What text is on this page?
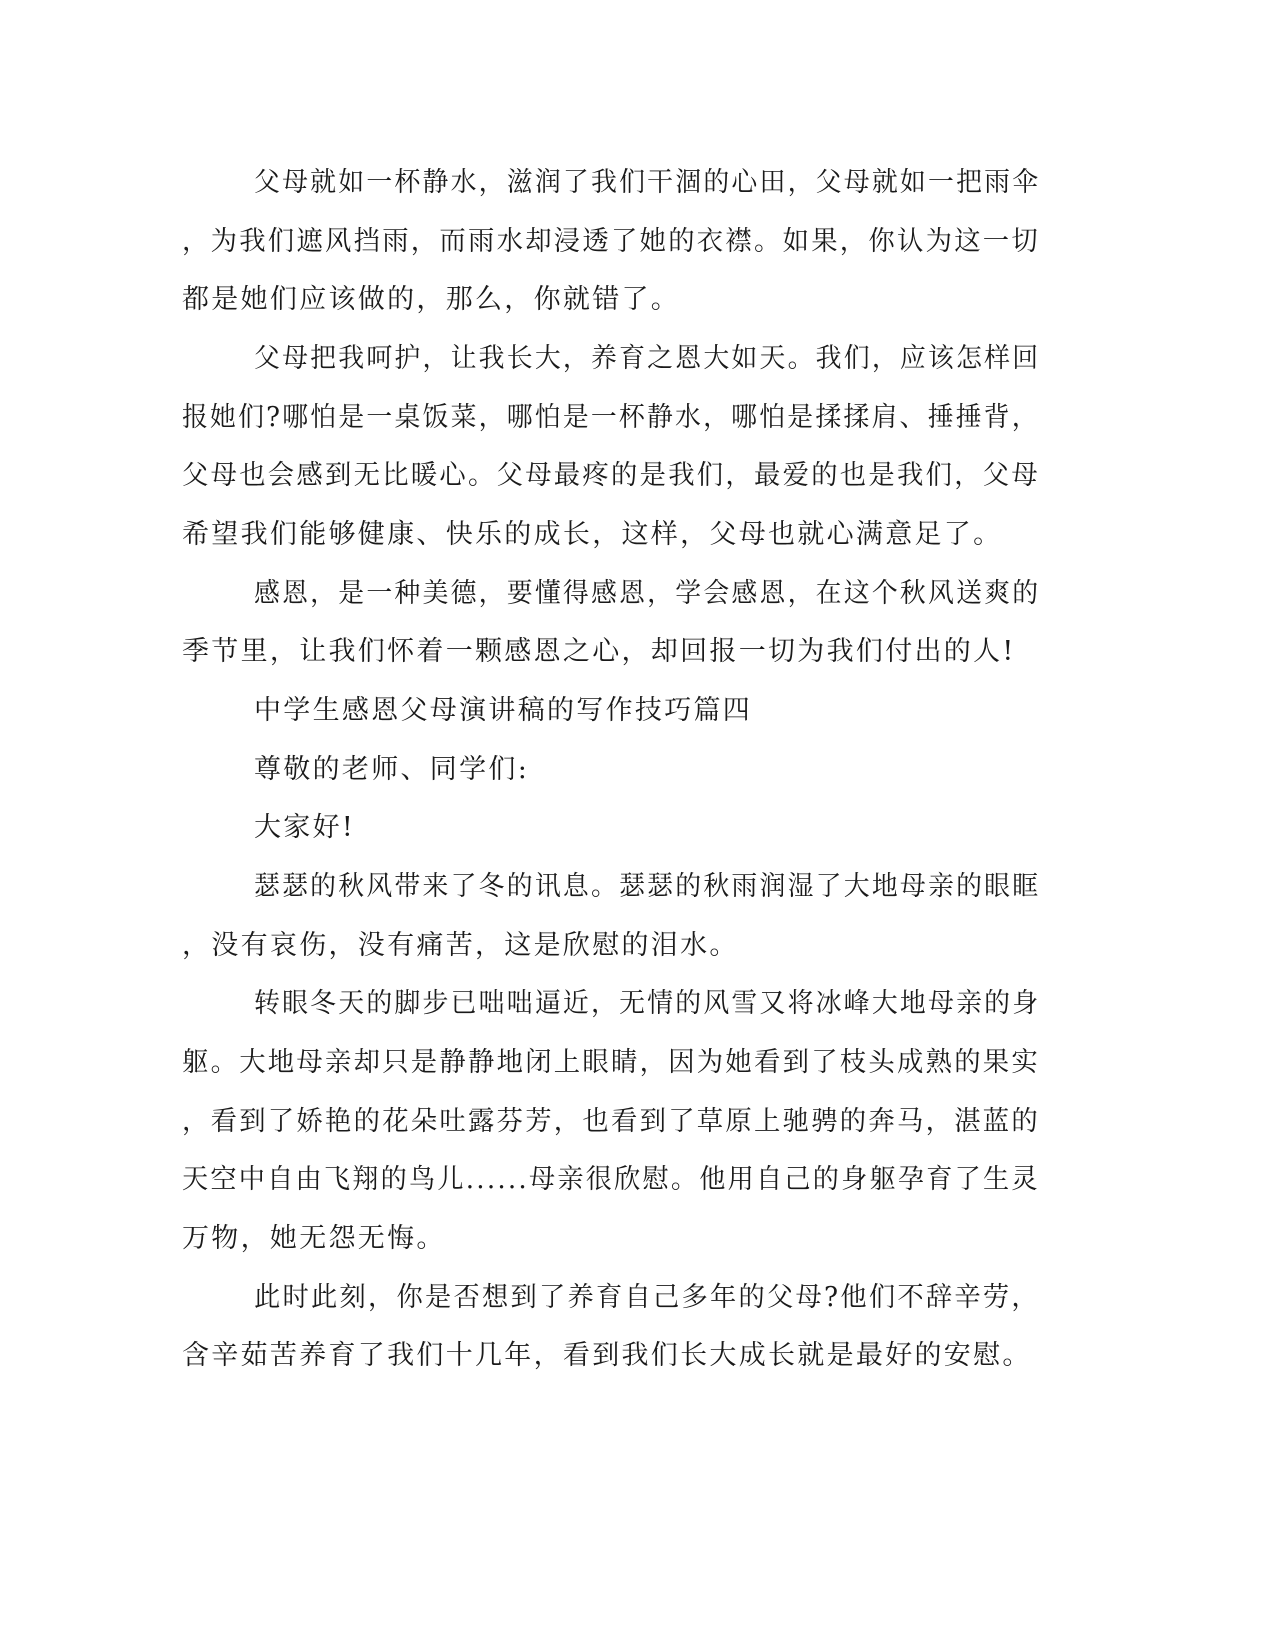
父母就如一杯静水，滋润了我们干涸的心田，父母就如一把雨伞

，为我们遮风挡雨，而雨水却浸透了她的衣襟。如果，你认为这一切

都是她们应该做的，那么，你就错了。

父母把我呵护，让我长大，养育之恩大如天。我们，应该怎样回

报她们?哪怕是一桌饭菜，哪怕是一杯静水，哪怕是揉揉肩、捶捶背，

父母也会感到无比暖心。父母最疼的是我们，最爱的也是我们，父母

希望我们能够健康、快乐的成长，这样，父母也就心满意足了。

感恩，是一种美德，要懂得感恩，学会感恩，在这个秋风送爽的

季节里，让我们怀着一颗感恩之心，却回报一切为我们付出的人!

中学生感恩父母演讲稿的写作技巧篇四

尊敬的老师、同学们:

大家好!

瑟瑟的秋风带来了冬的讯息。瑟瑟的秋雨润湿了大地母亲的眼眶

，没有哀伤，没有痛苦，这是欣慰的泪水。

转眼冬天的脚步已咄咄逼近，无情的风雪又将冰峰大地母亲的身

躯。大地母亲却只是静静地闭上眼睛，因为她看到了枝头成熟的果实

，看到了娇艳的花朵吐露芬芳，也看到了草原上驰骋的奔马，湛蓝的

天空中自由飞翔的鸟儿......母亲很欣慰。他用自己的身躯孕育了生灵

万物，她无怨无悔。

此时此刻，你是否想到了养育自己多年的父母?他们不辞辛劳，

含辛茹苦养育了我们十几年，看到我们长大成长就是最好的安慰。
